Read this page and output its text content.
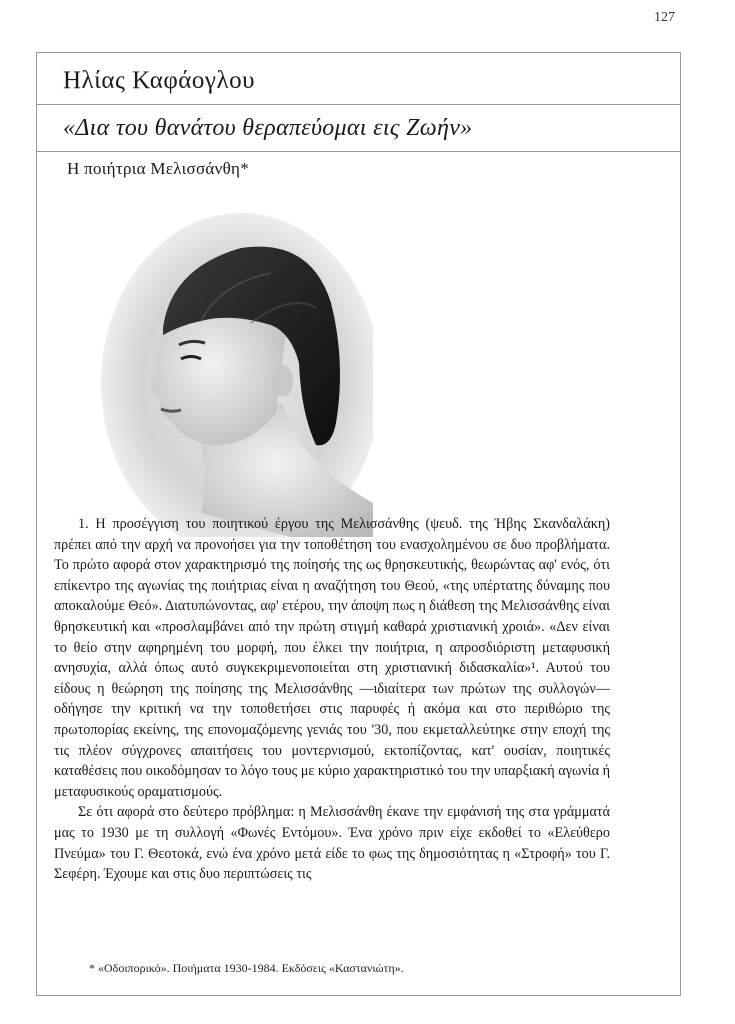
127
Ηλίας Καφάογλου
«Δια του θανάτου θεραπεύομαι εις Ζωήν»
Η ποιήτρια Μελισσάνθη*
* «Οδοιπορικό». Ποιήματα 1930-1984. Εκδόσεις «Καστανιώτη».

1. Η προσέγγιση του ποιητικού έργου της Μελισσάνθης (ψευδ. της Ήβης Σκανδαλάκη) πρέπει από την αρχή να προνοήσει για την τοποθέτηση του ενασχολημένου σε δυο προβλήματα. Το πρώτο αφορά στον χαρακτηρισμό της ποίησής της ως θρησκευτικής, θεωρώντας αφ' ενός, ότι επίκεντρο της αγωνίας της ποιήτριας είναι η αναζήτηση του Θεού, «της υπέρτατης δύναμης που αποκαλούμε Θεό». Διατυπώνοντας, αφ' ετέρου, την άποψη πως η διάθεση της Μελισσάνθης είναι θρησκευτική και «προσλαμβάνει από την πρώτη στιγμή καθαρά χριστιανική χροιά». «Δεν είναι το θείο στην αφηρημένη του μορφή, που έλκει την ποιήτρια, η απροσδιόριστη μεταφυσική ανησυχία, αλλά όπως αυτό συγκεκριμενοποιείται στη χριστιανική διδασκαλία»¹. Αυτού του είδους η θεώρηση της ποίησης της Μελισσάνθης —ιδιαίτερα των πρώτων της συλλογών— οδήγησε την κριτική να την τοποθετήσει στις παρυφές ή ακόμα και στο περιθώριο της πρωτοπορίας εκείνης, της επονομαζόμενης γενιάς του '30, που εκμεταλλεύτηκε στην εποχή της τις πλέον σύγχρονες απαιτήσεις του μοντερνισμού, εκτοπίζοντας, κατ' ουσίαν, ποιητικές καταθέσεις που οικοδόμησαν το λόγο τους με κύριο χαρακτηριστικό του την υπαρξιακή αγωνία ή μεταφυσικούς οραματισμούς.

Σε ότι αφορά στο δεύτερο πρόβλημα: η Μελισσάνθη έκανε την εμφάνισή της στα γράμματά μας το 1930 με τη συλλογή «Φωνές Εντόμου». Ένα χρόνο πριν είχε εκδοθεί το «Ελεύθερο Πνεύμα» του Γ. Θεοτοκά, ενώ ένα χρόνο μετά είδε το φως της δημοσιότητας η «Στροφή» του Γ. Σεφέρη. Έχουμε και στις δυο περιπτώσεις τις
